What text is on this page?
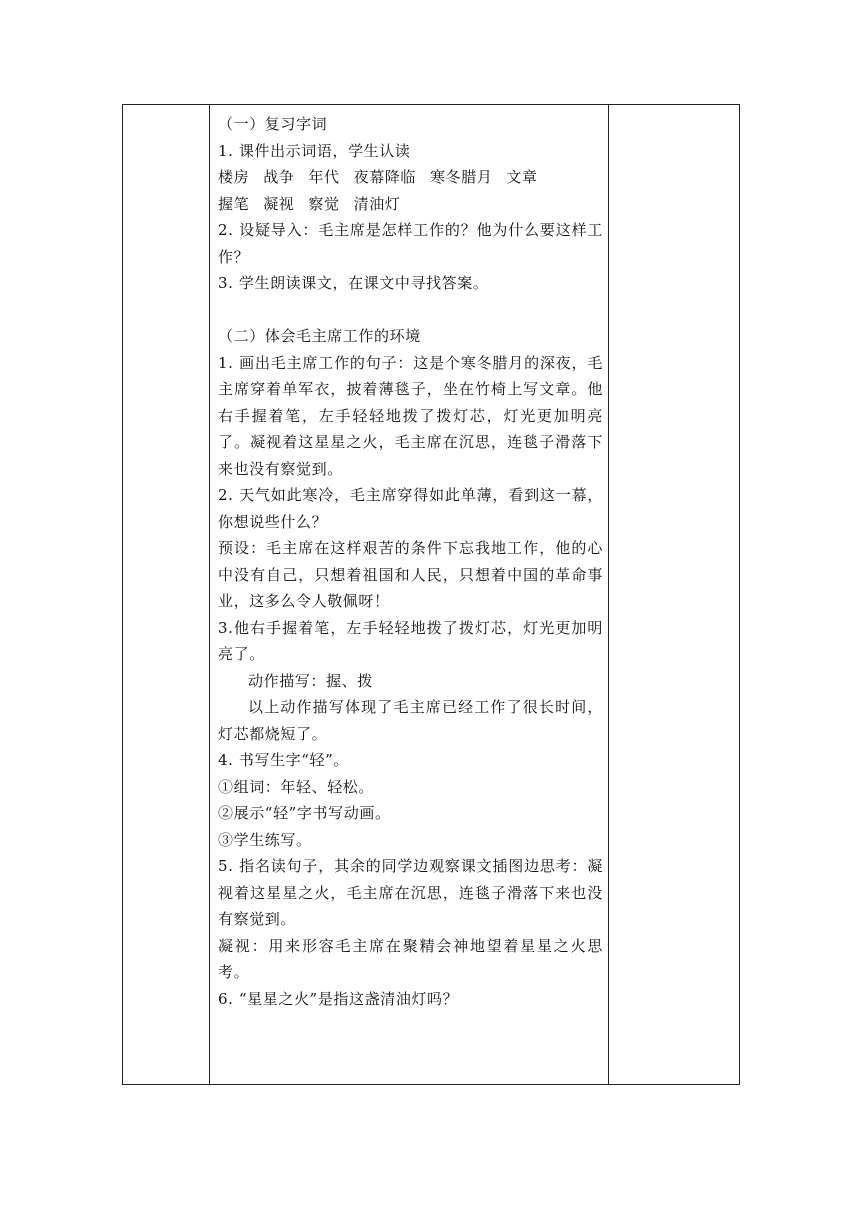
（一）复习字词
1. 课件出示词语，学生认读
楼房 战争 年代 夜幕降临 寒冬腊月 文章
握笔 凝视 察觉 清油灯
2. 设疑导入：毛主席是怎样工作的？他为什么要这样工作？
3. 学生朗读课文，在课文中寻找答案。
（二）体会毛主席工作的环境
1. 画出毛主席工作的句子：这是个寒冬腊月的深夜，毛主席穿着单军衣，披着薄毯子，坐在竹椅上写文章。他右手握着笔，左手轻轻地拨了拨灯芯，灯光更加明亮了。凝视着这星星之火，毛主席在沉思，连毯子滑落下来也没有察觉到。
2. 天气如此寒冷，毛主席穿得如此单薄，看到这一幕，你想说些什么？
预设：毛主席在这样艰苦的条件下忘我地工作，他的心中没有自己，只想着祖国和人民，只想着中国的革命事业，这多么令人敬佩呀！
3.他右手握着笔，左手轻轻地拨了拨灯芯，灯光更加明亮了。
动作描写：握、拨
以上动作描写体现了毛主席已经工作了很长时间，灯芯都烧短了。
4. 书写生字“轻”。
①组词：年轻、轻松。
②展示“轻”字书写动画。
③学生练写。
5. 指名读句子，其余的同学边观察课文插图边思考：凝视着这星星之火，毛主席在沉思，连毯子滑落下来也没有察觉到。
凝视：用来形容毛主席在聚精会神地望着星星之火思考。
6. “星星之火”是指这盏清油灯吗？
